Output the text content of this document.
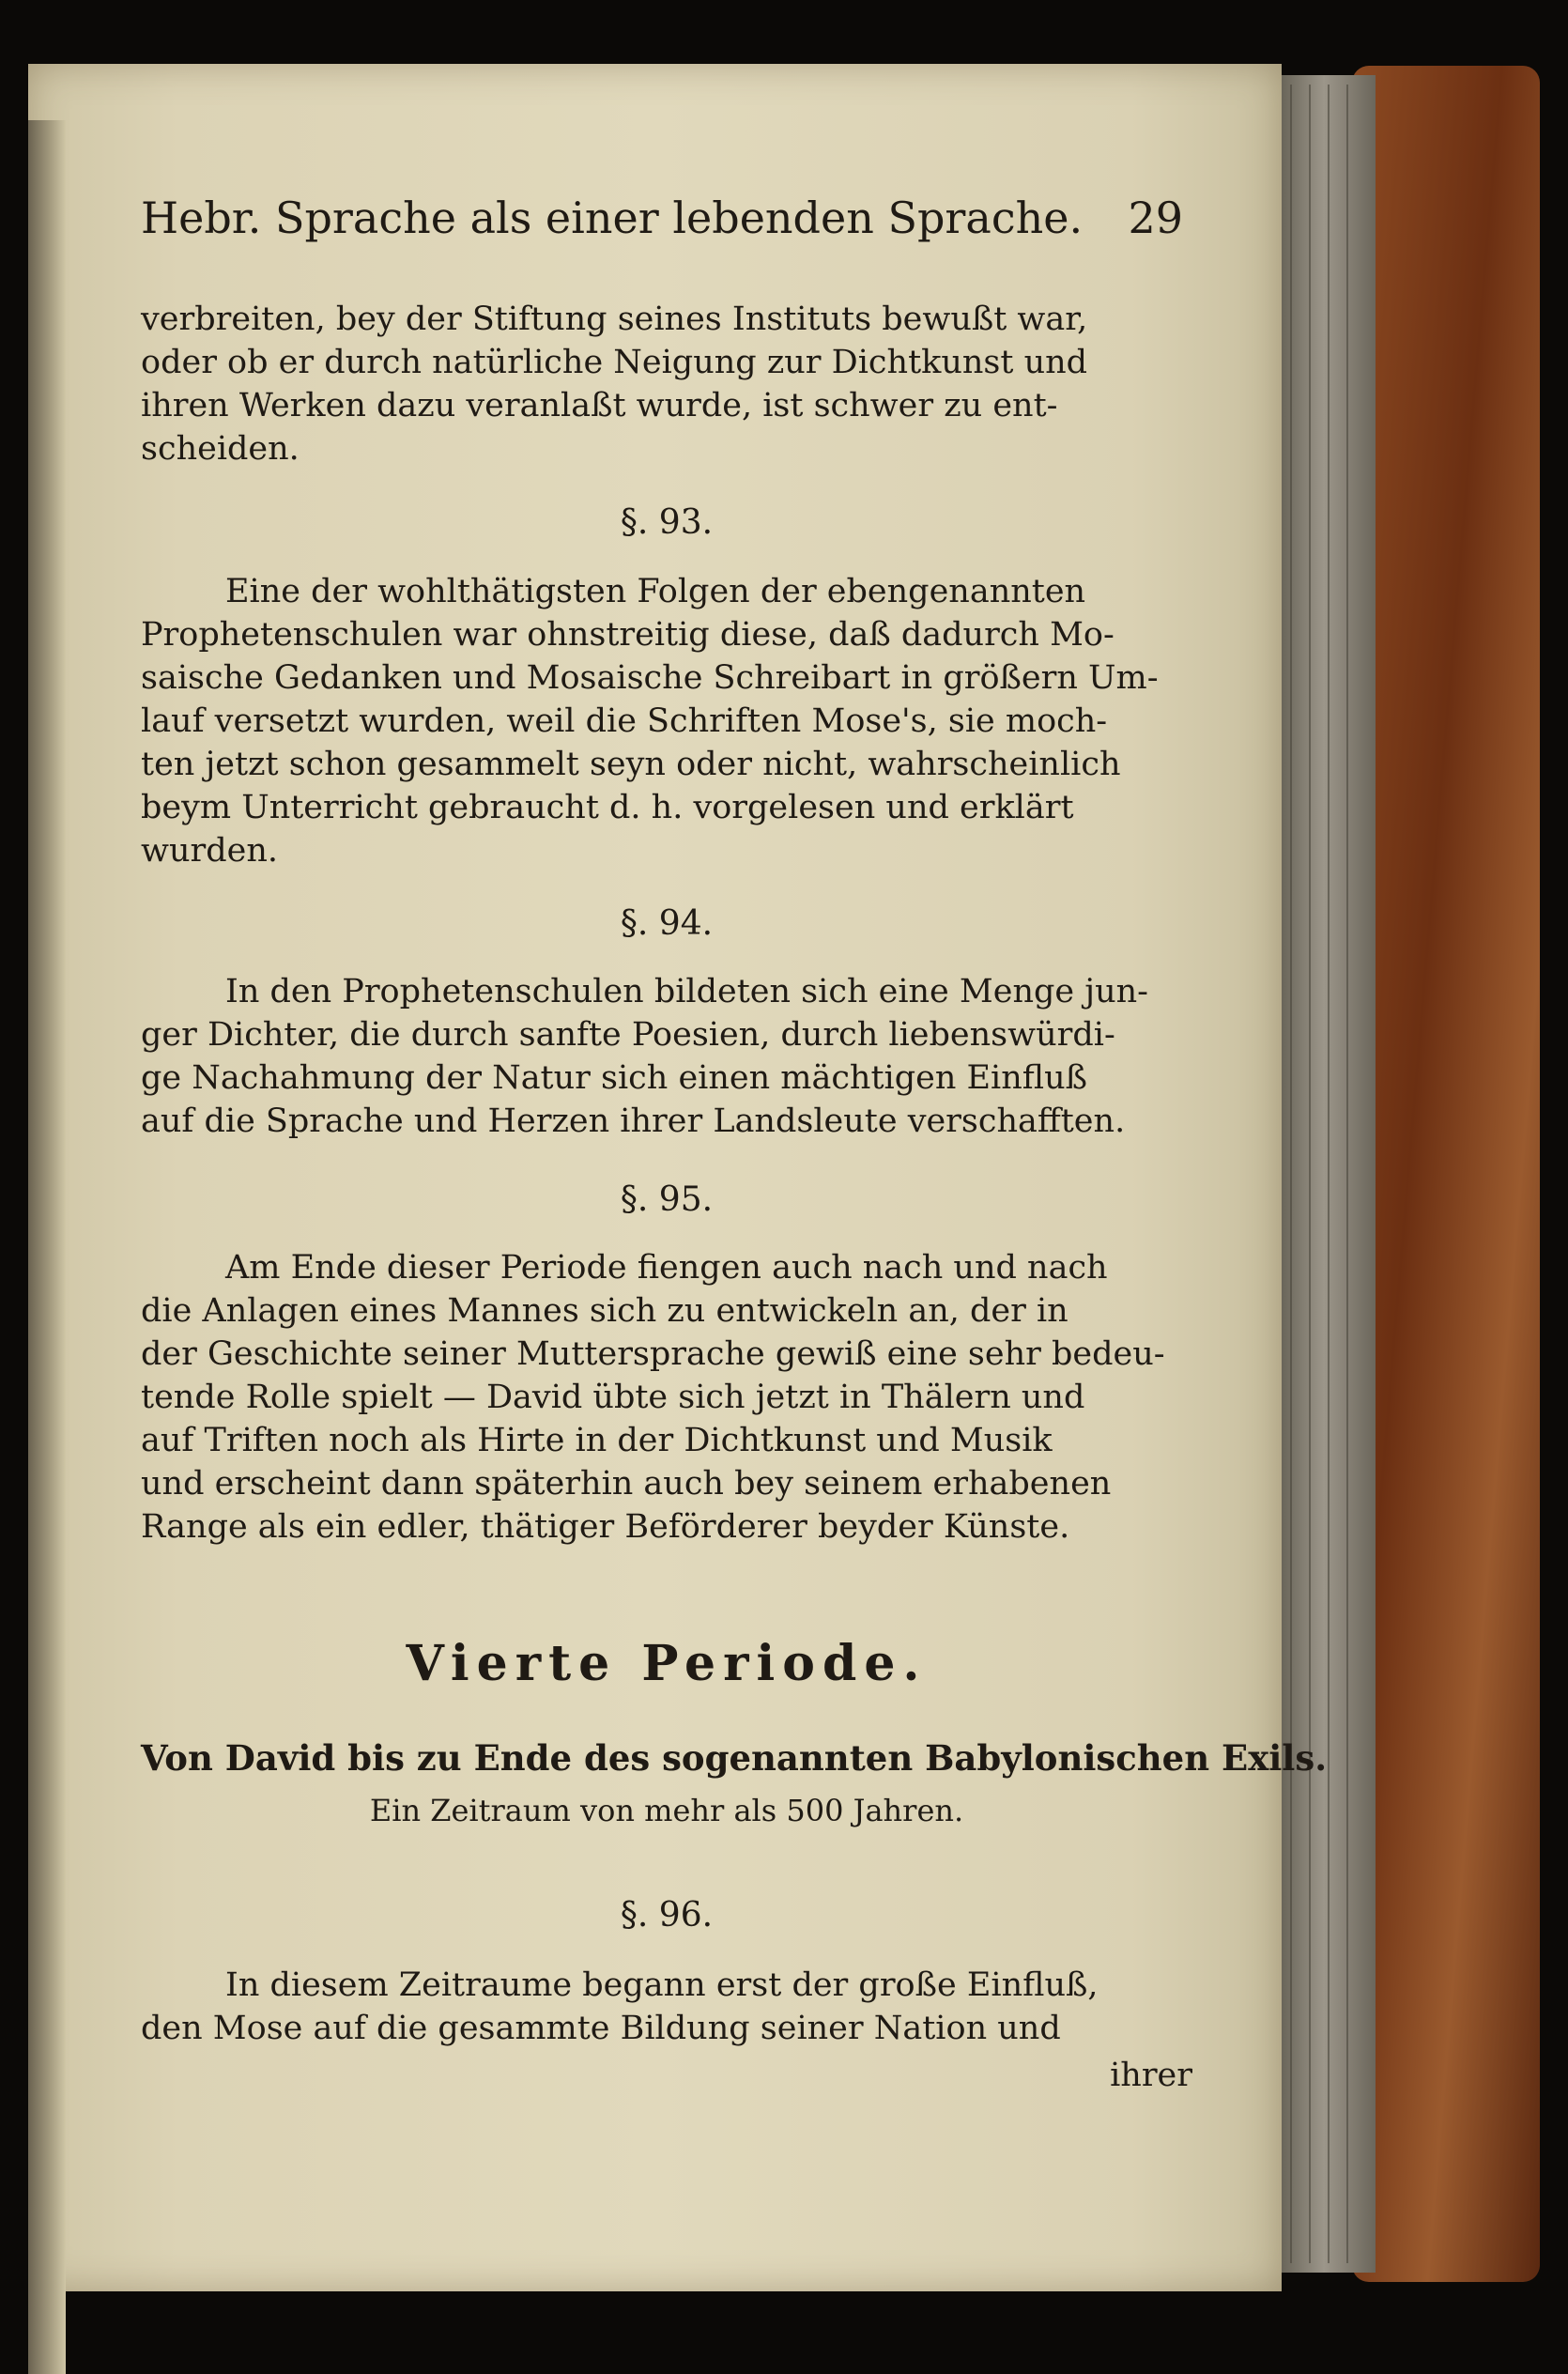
Hebr. Sprache als einer lebenden Sprache. 29
verbreiten, bey der Stiftung seines Instituts bewußt war,
oder ob er durch natürliche Neigung zur Dichtkunst und
ihren Werken dazu veranlaßt wurde, ist schwer zu ent-
scheiden.
§. 93.
Eine der wohlthätigsten Folgen der ebengenannten
Prophetenschulen war ohnstreitig diese, daß dadurch Mo-
saische Gedanken und Mosaische Schreibart in größern Um-
lauf versetzt wurden, weil die Schriften Mose's, sie moch-
ten jetzt schon gesammelt seyn oder nicht, wahrscheinlich
beym Unterricht gebraucht d. h. vorgelesen und erklärt
wurden.
§. 94.
In den Prophetenschulen bildeten sich eine Menge jun-
ger Dichter, die durch sanfte Poesien, durch liebenswürdi-
ge Nachahmung der Natur sich einen mächtigen Einfluß
auf die Sprache und Herzen ihrer Landsleute verschafften.
§. 95.
Am Ende dieser Periode fiengen auch nach und nach
die Anlagen eines Mannes sich zu entwickeln an, der in
der Geschichte seiner Muttersprache gewiß eine sehr bedeu-
tende Rolle spielt — David übte sich jetzt in Thälern und
auf Triften noch als Hirte in der Dichtkunst und Musik
und erscheint dann späterhin auch bey seinem erhabenen
Range als ein edler, thätiger Beförderer beyder Künste.
Vierte Periode.
Von David bis zu Ende des sogenannten Babylonischen Exils.
Ein Zeitraum von mehr als 500 Jahren.
§. 96.
In diesem Zeitraume begann erst der große Einfluß,
den Mose auf die gesammte Bildung seiner Nation und
ihrer
